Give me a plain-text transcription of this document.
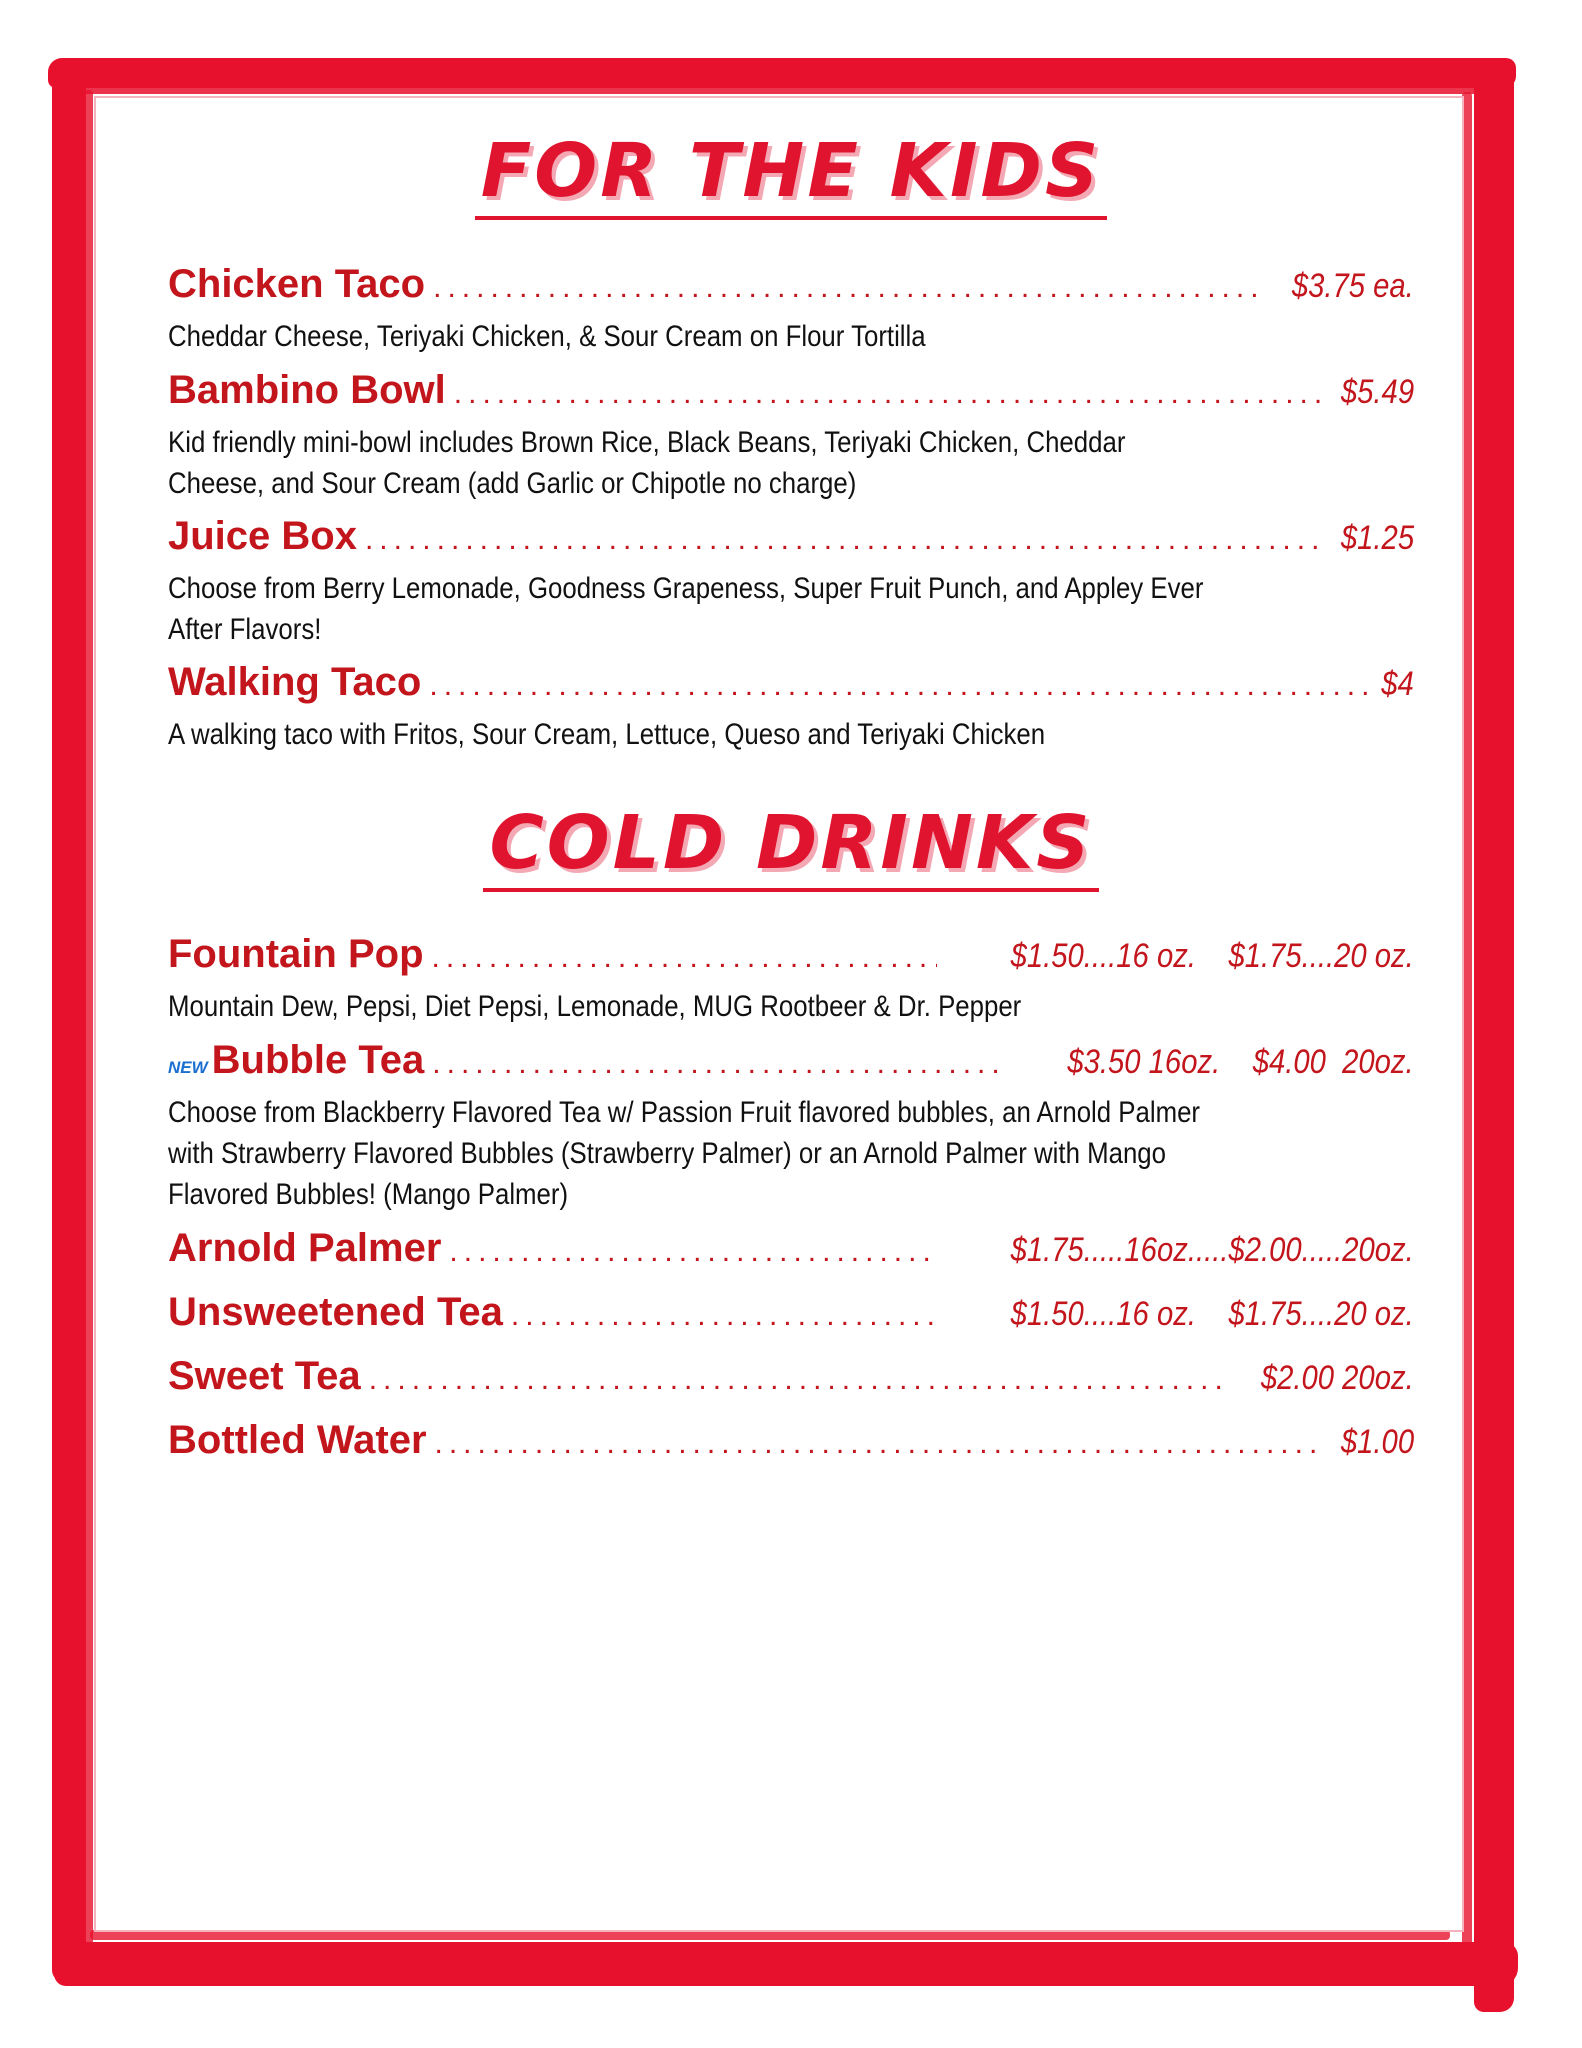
FOR THE KIDS
Chicken Taco .....	$3.75 ea.
Cheddar Cheese, Teriyaki Chicken, & Sour Cream on Flour Tortilla
Bambino Bowl .....	$5.49
Kid friendly mini-bowl includes Brown Rice, Black Beans, Teriyaki Chicken, Cheddar
Cheese, and Sour Cream (add Garlic or Chipotle no charge)
Juice Box .....	$1.25
Choose from Berry Lemonade, Goodness Grapeness, Super Fruit Punch, and Appley Ever
After Flavors!
Walking Taco .....	$4
A walking taco with Fritos, Sour Cream, Lettuce, Queso and Teriyaki Chicken
COLD DRINKS
Fountain Pop .....	$1.50....16 oz.    $1.75....20 oz.
Mountain Dew, Pepsi, Diet Pepsi, Lemonade, MUG Rootbeer & Dr. Pepper
NEW Bubble Tea .....	$3.50 16oz.    $4.00  20oz.
Choose from Blackberry Flavored Tea w/ Passion Fruit flavored bubbles, an Arnold Palmer
with Strawberry Flavored Bubbles (Strawberry Palmer) or an Arnold Palmer with Mango
Flavored Bubbles! (Mango Palmer)
Arnold Palmer .....	$1.75.....16oz.....$2.00.....20oz.
Unsweetened Tea .....	$1.50....16 oz.    $1.75....20 oz.
Sweet Tea .....	$2.00 20oz.
Bottled Water .....	$1.00
